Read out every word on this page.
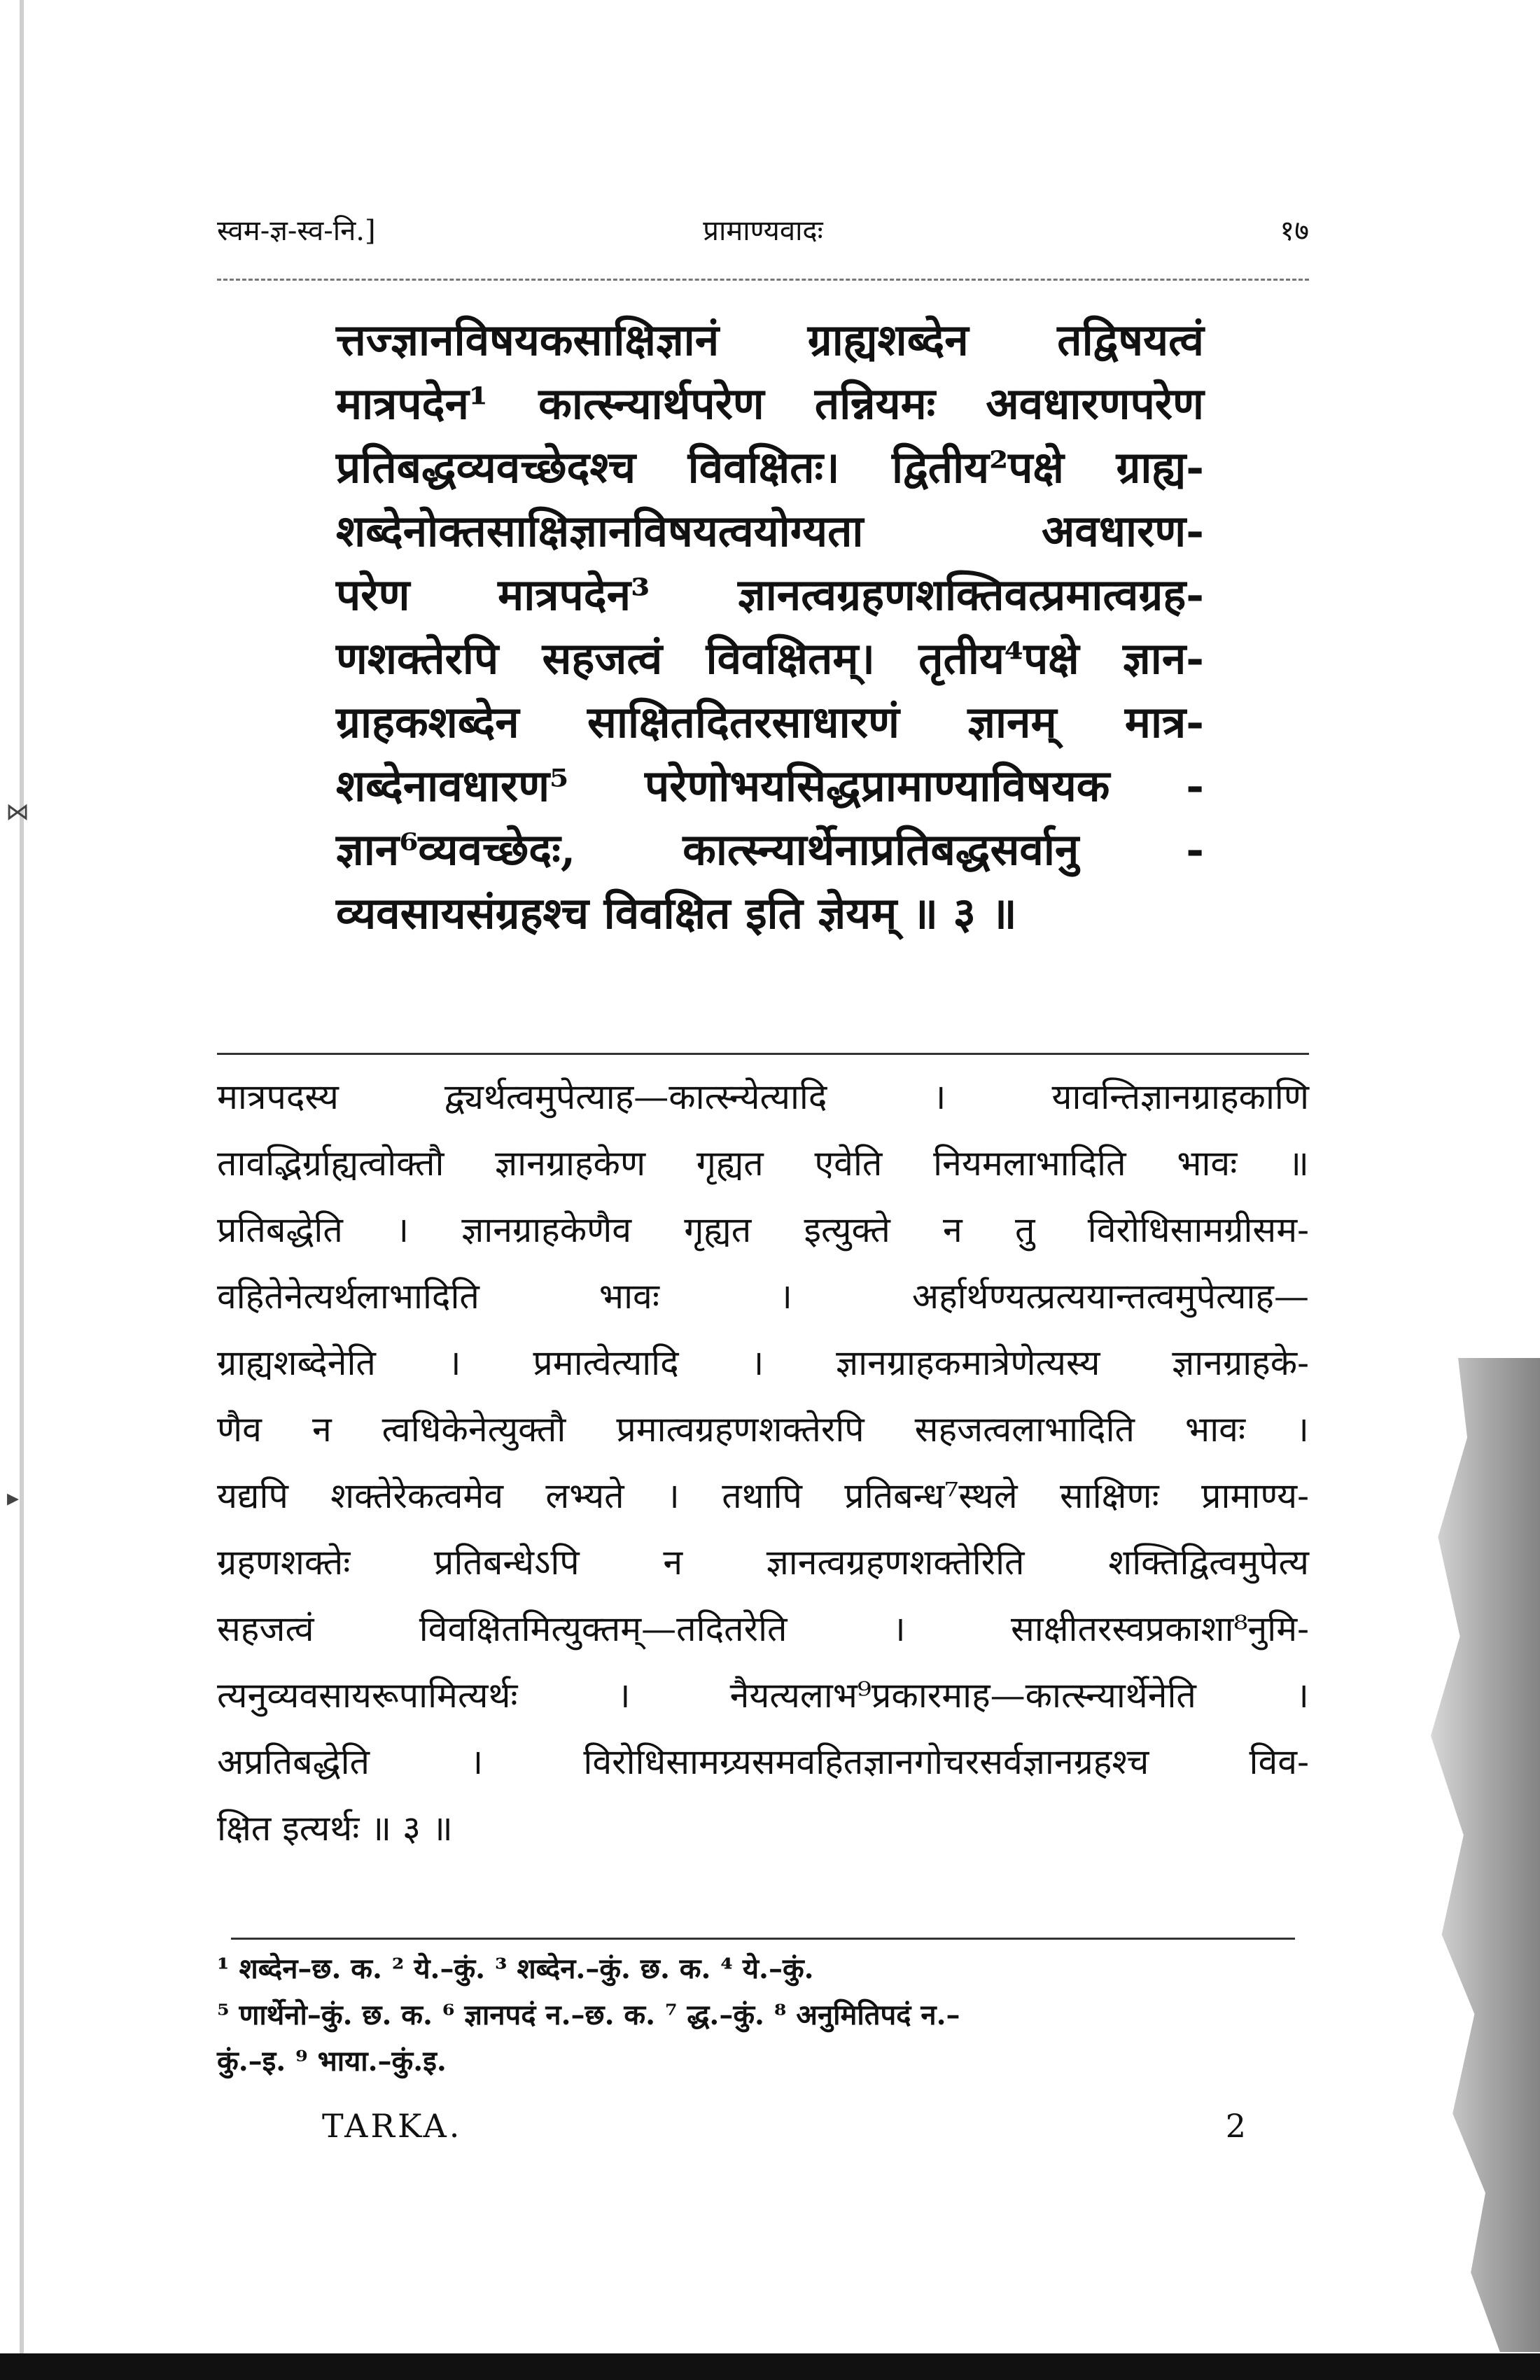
⋈
▸
स्वम-ज्ञ-स्व-नि.]	प्रामाण्यवादः	१७
त्तज्ज्ञानविषयकसाक्षिज्ञानं ग्राह्यशब्देन तद्विषयत्वं
मात्रपदेन¹ कात्स्न्यार्थपरेण तन्नियमः अवधारणपरेण
प्रतिबद्धव्यवच्छेदश्च विवक्षितः। द्वितीय²पक्षे ग्राह्य-
शब्देनोक्तसाक्षिज्ञानविषयत्वयोग्यता अवधारण-
परेण मात्रपदेन³ ज्ञानत्वग्रहणशक्तिवत्प्रमात्वग्रह-
णशक्तेरपि सहजत्वं विवक्षितम्। तृतीय⁴पक्षे ज्ञान-
ग्राहकशब्देन साक्षितदितरसाधारणं ज्ञानम् मात्र-
शब्देनावधारण⁵ परेणोभयसिद्धप्रामाण्याविषयक -
ज्ञान⁶व्यवच्छेदः, कात्स्न्यार्थेनाप्रतिबद्धसर्वानु -
व्यवसायसंग्रहश्च विवक्षित इति ज्ञेयम् ॥ ३ ॥
मात्रपदस्य द्व्यर्थत्वमुपेत्याह—कात्स्न्येत्यादि । यावन्तिज्ञानग्राहकाणि
तावद्भिर्ग्राह्यत्वोक्तौ ज्ञानग्राहकेण गृह्यत एवेति नियमलाभादिति भावः ॥
प्रतिबद्धेति । ज्ञानग्राहकेणैव गृह्यत इत्युक्ते न तु विरोधिसामग्रीसम-
वहितेनेत्यर्थलाभादिति भावः । अर्हार्थण्यत्प्रत्ययान्तत्वमुपेत्याह—
ग्राह्यशब्देनेति । प्रमात्वेत्यादि । ज्ञानग्राहकमात्रेणेत्यस्य ज्ञानग्राहके-
णैव न त्वधिकेनेत्युक्तौ प्रमात्वग्रहणशक्तेरपि सहजत्वलाभादिति भावः ।
यद्यपि शक्तेरेकत्वमेव लभ्यते । तथापि प्रतिबन्ध⁷स्थले साक्षिणः प्रामाण्य-
ग्रहणशक्तेः प्रतिबन्धेऽपि न ज्ञानत्वग्रहणशक्तेरिति शक्तिद्वित्वमुपेत्य
सहजत्वं विवक्षितमित्युक्तम्—तदितरेति । साक्षीतरस्वप्रकाशा⁸नुमि-
त्यनुव्यवसायरूपामित्यर्थः । नैयत्यलाभ⁹प्रकारमाह—कात्स्न्यार्थेनेति ।
अप्रतिबद्धेति । विरोधिसामग्र्यसमवहितज्ञानगोचरसर्वज्ञानग्रहश्च विव-
क्षित इत्यर्थः ॥ ३ ॥
¹ शब्देन–छ. क. ² ये.–कुं. ³ शब्देन.–कुं. छ. क. ⁴ ये.–कुं.
⁵ णार्थेनो–कुं. छ. क. ⁶ ज्ञानपदं न.–छ. क. ⁷ द्ध.–कुं. ⁸ अनुमितिपदं न.–
कुं.–इ. ⁹ भाया.–कुं.इ.
TARKA.	2
